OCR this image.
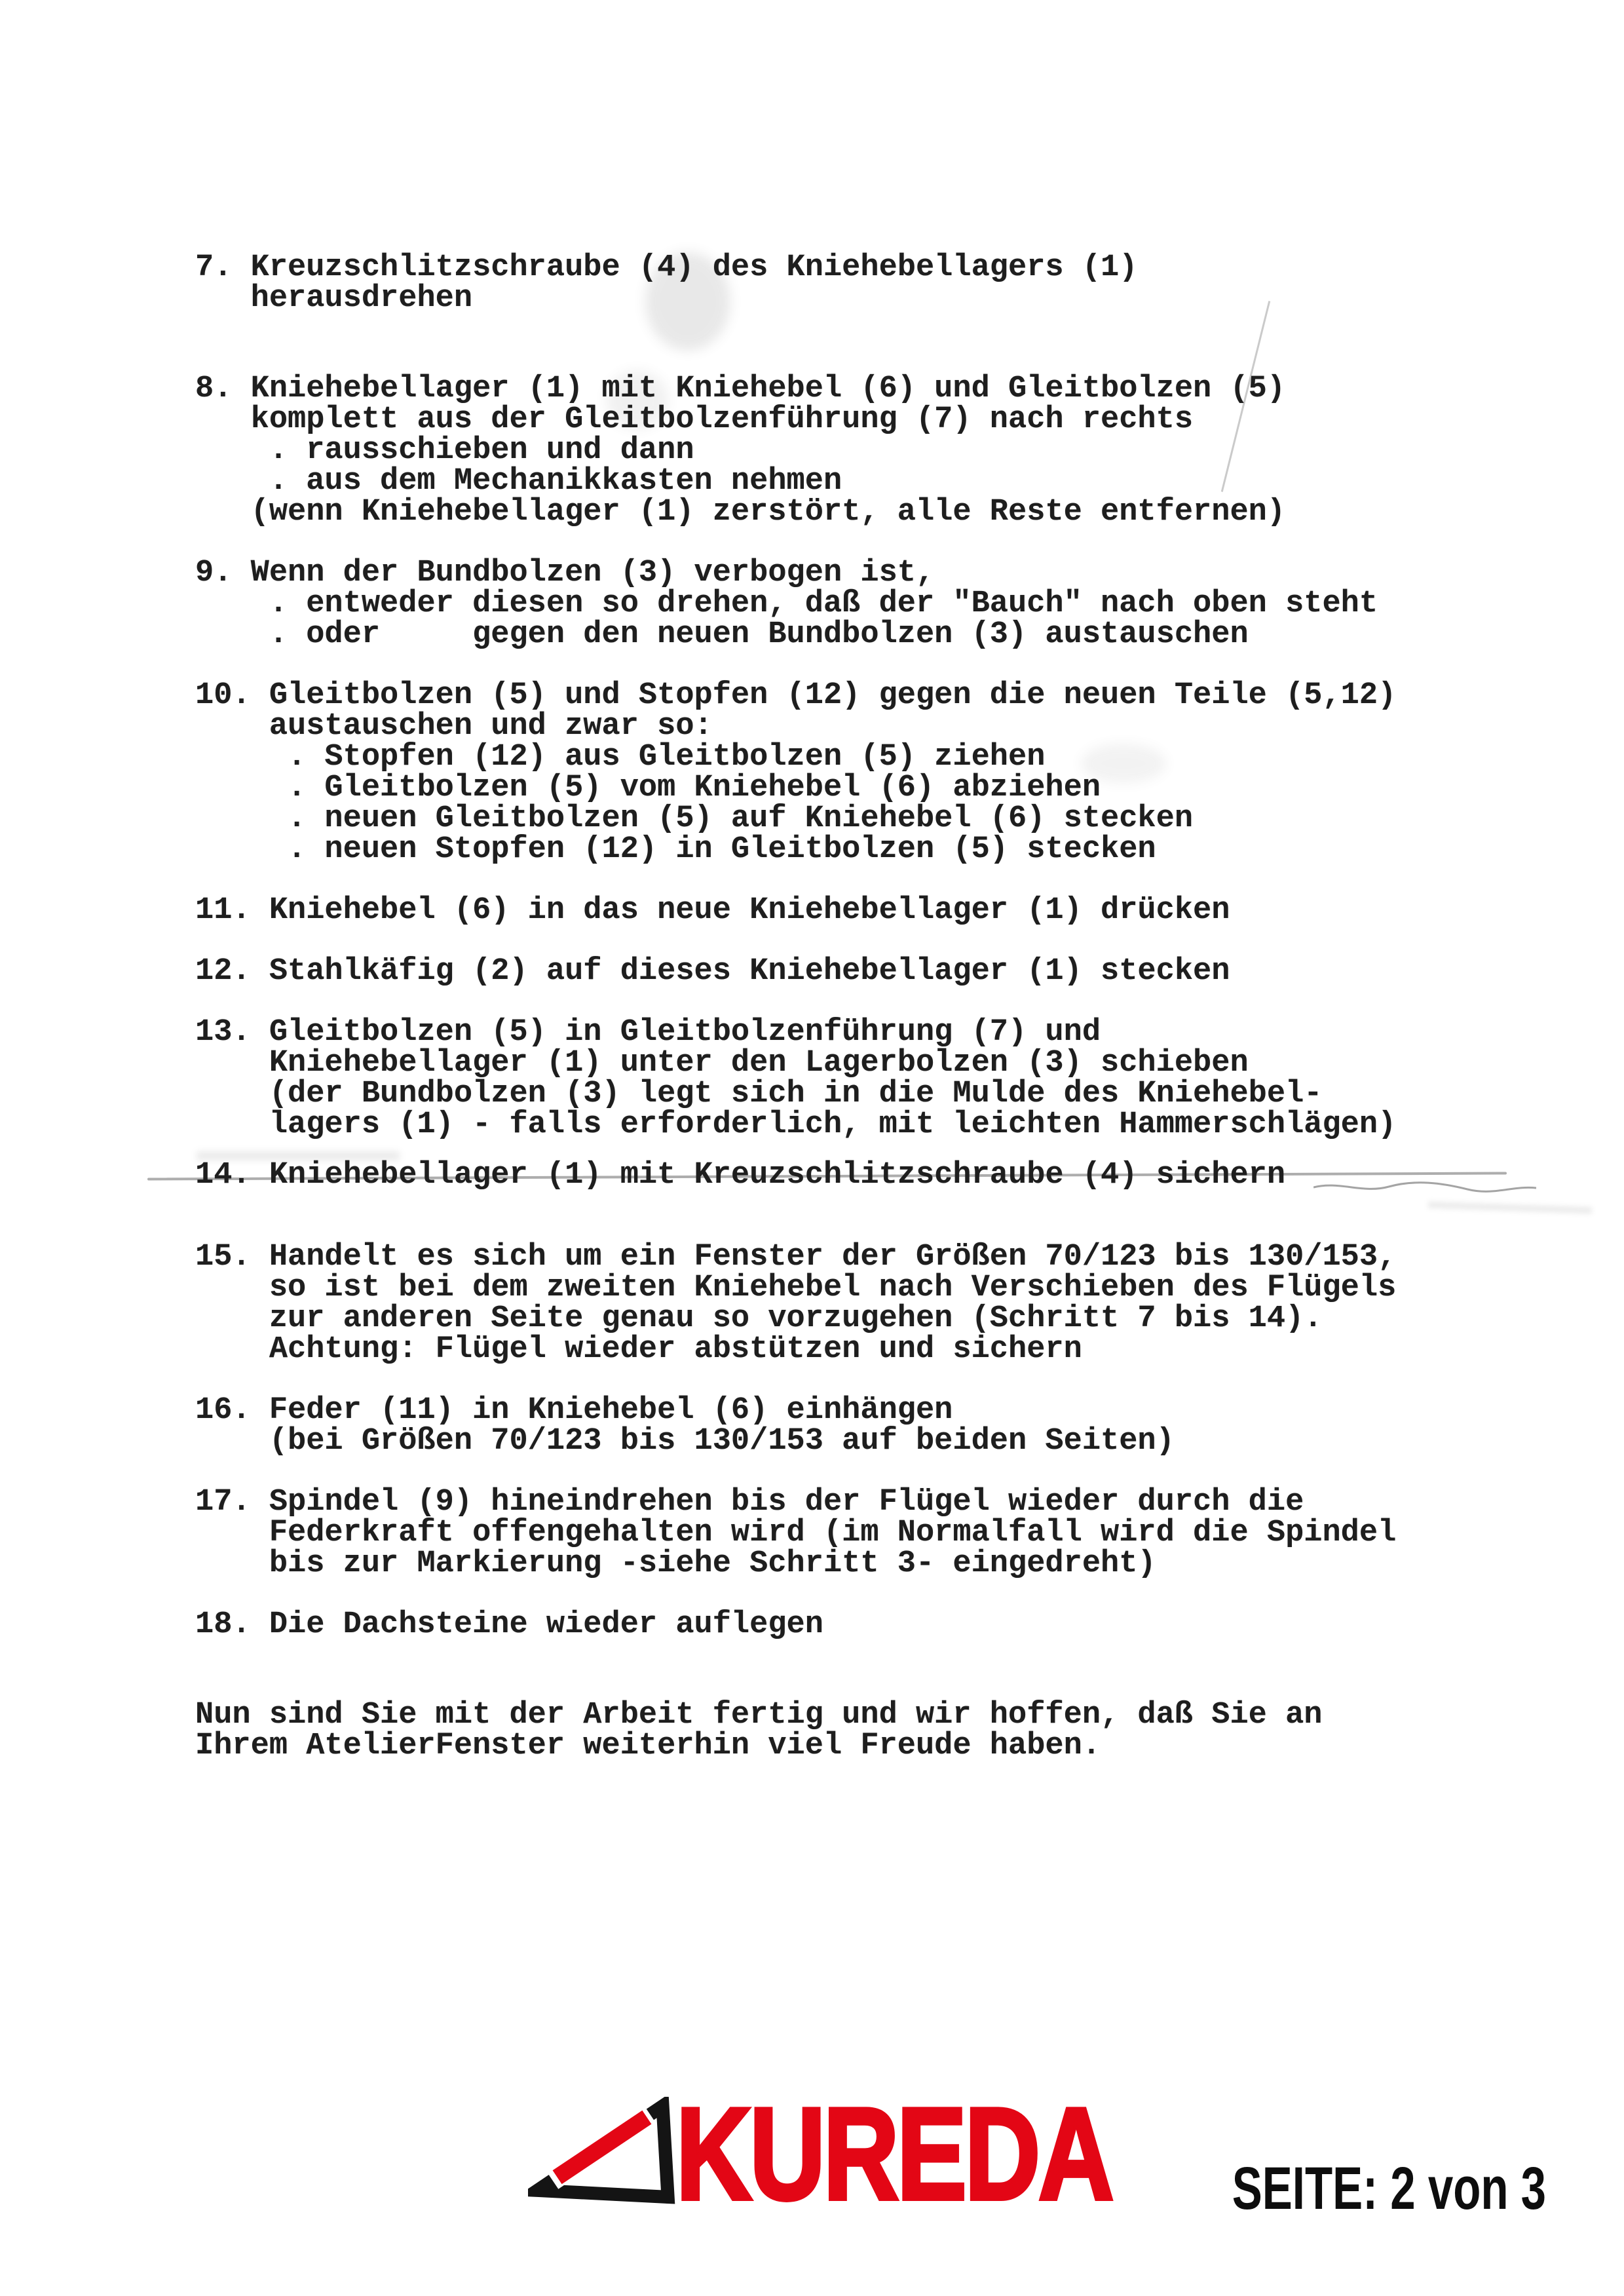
7. Kreuzschlitzschraube (4) des Kniehebellagers (1)
herausdrehen
8. Kniehebellager (1) mit Kniehebel (6) und Gleitbolzen (5)
komplett aus der Gleitbolzenführung (7) nach rechts
. rausschieben und dann
. aus dem Mechanikkasten nehmen
(wenn Kniehebellager (1) zerstört, alle Reste entfernen)
9. Wenn der Bundbolzen (3) verbogen ist,
. entweder diesen so drehen, daß der "Bauch" nach oben steht
. oder     gegen den neuen Bundbolzen (3) austauschen
10. Gleitbolzen (5) und Stopfen (12) gegen die neuen Teile (5,12)
austauschen und zwar so:
. Stopfen (12) aus Gleitbolzen (5) ziehen
. Gleitbolzen (5) vom Kniehebel (6) abziehen
. neuen Gleitbolzen (5) auf Kniehebel (6) stecken
. neuen Stopfen (12) in Gleitbolzen (5) stecken
11. Kniehebel (6) in das neue Kniehebellager (1) drücken
12. Stahlkäfig (2) auf dieses Kniehebellager (1) stecken
13. Gleitbolzen (5) in Gleitbolzenführung (7) und
Kniehebellager (1) unter den Lagerbolzen (3) schieben
(der Bundbolzen (3) legt sich in die Mulde des Kniehebel-
lagers (1) - falls erforderlich, mit leichten Hammerschlägen)
14. Kniehebellager (1) mit Kreuzschlitzschraube (4) sichern
15. Handelt es sich um ein Fenster der Größen 70/123 bis 130/153,
so ist bei dem zweiten Kniehebel nach Verschieben des Flügels
zur anderen Seite genau so vorzugehen (Schritt 7 bis 14).
Achtung: Flügel wieder abstützen und sichern
16. Feder (11) in Kniehebel (6) einhängen
(bei Größen 70/123 bis 130/153 auf beiden Seiten)
17. Spindel (9) hineindrehen bis der Flügel wieder durch die
Federkraft offengehalten wird (im Normalfall wird die Spindel
bis zur Markierung -siehe Schritt 3- eingedreht)
18. Die Dachsteine wieder auflegen
Nun sind Sie mit der Arbeit fertig und wir hoffen, daß Sie an
Ihrem AtelierFenster weiterhin viel Freude haben.
KUREDA SEITE: 2 von 3
